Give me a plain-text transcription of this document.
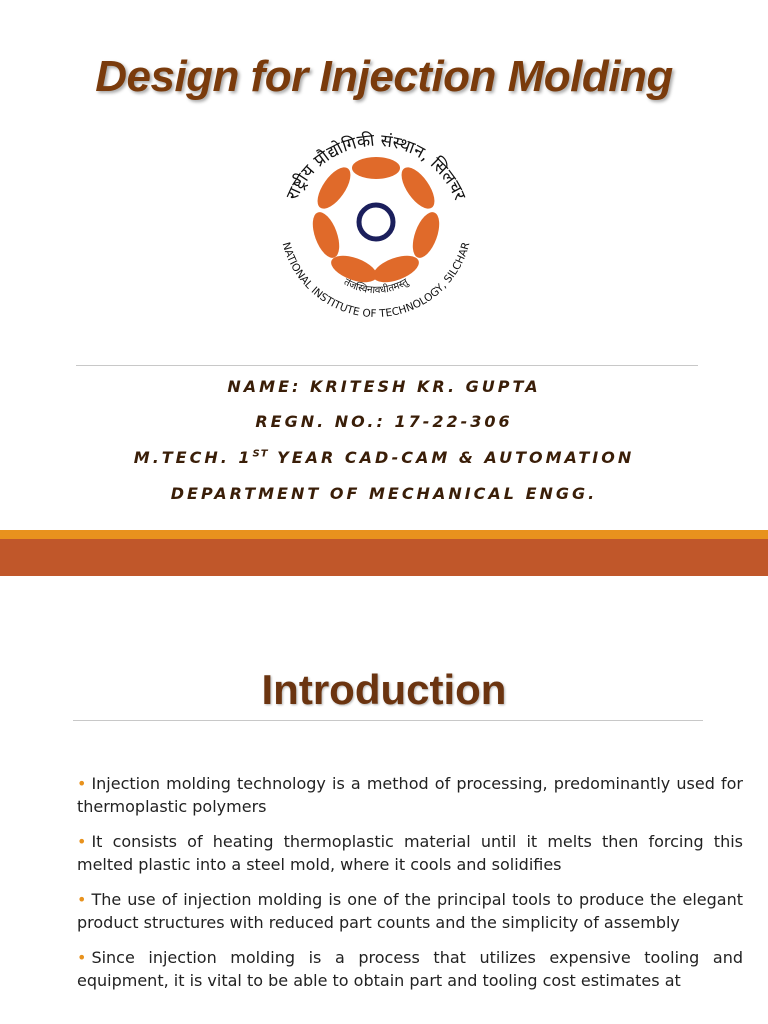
Design for Injection Molding
राष्ट्रीय प्रौद्योगिकी संस्थान, सिलचर
NATIONAL INSTITUTE OF TECHNOLOGY, SILCHAR
तेजस्विनावधीतमस्तु
NAME: KRITESH KR. GUPTA
REGN. NO.: 17-22-306
M.TECH. 1ST YEAR CAD-CAM & AUTOMATION
DEPARTMENT OF MECHANICAL ENGG.
Introduction
• Injection molding technology is a method of processing, predominantly used for thermoplastic polymers
• It consists of heating thermoplastic material until it melts then forcing this melted plastic into a steel mold, where it cools and solidifies
• The use of injection molding is one of the principal tools to produce the elegant product structures with reduced part counts and the simplicity of assembly
• Since injection molding is a process that utilizes expensive tooling and equipment, it is vital to be able to obtain part and tooling cost estimates at
